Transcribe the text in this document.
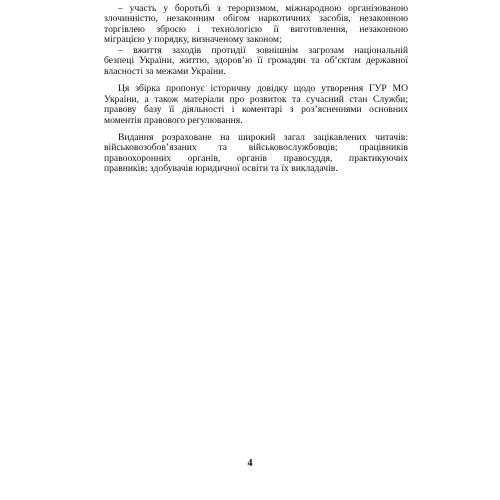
– участь у боротьбі з тероризмом, міжнародною організованою
злочинністю, незаконним обігом наркотичних засобів, незаконною
торгівлею зброєю і технологією її виготовлення, незаконною
міграцією у порядку, визначеному законом;
– вжиття заходів протидії зовнішнім загрозам національній
безпеці України, життю, здоров’ю її громадян та об’єктам державної
власності за межами України.
Ця збірка пропонує історичну довідку щодо утворення ГУР МО
України, а також матеріали про розвиток та сучасний стан Служби;
правову базу її діяльності і коментарі з роз’ясненнями основних
моментів правового регулювання.
Видання розраховане на широкий загал зацікавлених читачів:
військовозобов’язаних та військовослужбовців; працівників
правоохоронних органів, органів правосуддя, практикуючих
правників; здобувачів юридичної освіти та їх викладачів.
4
